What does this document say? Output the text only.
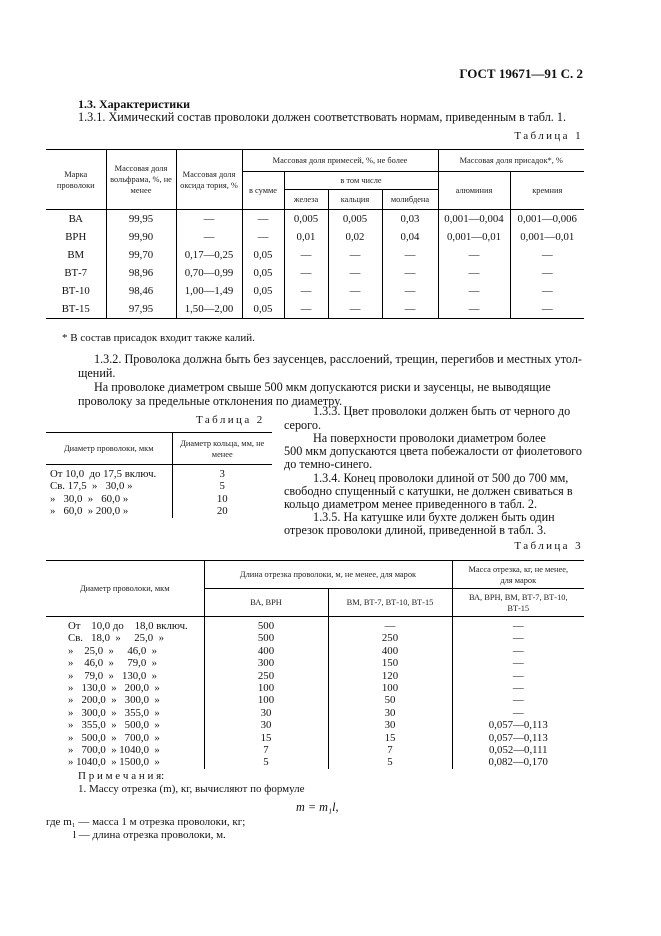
ГОСТ 19671—91 С. 2
1.3. Характеристики
1.3.1. Химический состав проволоки должен соответствовать нормам, приведенным в табл. 1.
Таблица 1
Марка проволоки	Массовая доля вольфрама, %, не менее	Массовая доля оксида тория, %	Массовая доля примесей, %, не более				Массовая доля присадок*, %	
			в сумме	в том числе			алюминия	кремния
				железа	кальция	молибдена		
ВА	99,95	—	—	0,005	0,005	0,03	0,001—0,004	0,001—0,006
ВРН	99,90	—	—	0,01	0,02	0,04	0,001—0,01	0,001—0,01
ВМ	99,70	0,17—0,25	0,05	—	—	—	—	—
ВТ-7	98,96	0,70—0,99	0,05	—	—	—	—	—
ВТ-10	98,46	1,00—1,49	0,05	—	—	—	—	—
ВТ-15	97,95	1,50—2,00	0,05	—	—	—	—	—
* В состав присадок входит также калий.
1.3.2. Проволока должна быть без заусенцев, расслоений, трещин, перегибов и местных утол-
щений.
На проволоке диаметром свыше 500 мкм допускаются риски и заусенцы, не выводящие
проволоку за предельные отклонения по диаметру.
Таблица 2
Диаметр проволоки, мкм	Диаметр кольца, мм, не менее
От 10,0  до 17,5 включ.	3
Св. 17,5  »   30,0 »	5
»   30,0  »   60,0 »	10
»   60,0  » 200,0 »	20
1.3.3. Цвет проволоки должен быть от черного до
серого.
На поверхности проволоки диаметром более
500 мкм допускаются цвета побежалости от фиолетового
до темно-синего.
1.3.4. Конец проволоки длиной от 500 до 700 мм,
свободно спущенный с катушки, не должен свиваться в
кольцо диаметром менее приведенного в табл. 2.
1.3.5. На катушке или бухте должен быть один
отрезок проволоки длиной, приведенной в табл. 3.
Таблица 3
Диаметр проволоки, мкм	Длина отрезка проволоки, м, не менее, для марок		Масса отрезка, кг, не менее, для марок
	ВА, ВРН	ВМ, ВТ-7, ВТ-10, ВТ-15	ВА, ВРН, ВМ, ВТ-7, ВТ-10, ВТ-15
От    10,0 до    18,0 включ.	500	—	—
Св.   18,0  »     25,0  »	500	250	—
»    25,0  »     46,0  »	400	400	—
»    46,0  »     79,0  »	300	150	—
»    79,0  »   130,0  »	250	120	—
»   130,0  »   200,0  »	100	100	—
»   200,0  »   300,0  »	100	50	—
»   300,0  »   355,0  »	30	30	—
»   355,0  »   500,0  »	30	30	0,057—0,113
»   500,0  »   700,0  »	15	15	0,057—0,113
»   700,0  » 1040,0  »	7	7	0,052—0,111
» 1040,0  » 1500,0  »	5	5	0,082—0,170
П р и м е ч а н и я:
1. Массу отрезка (m), кг, вычисляют по формуле
m = m₁l,
где m₁ — масса 1 м отрезка проволоки, кг;
l — длина отрезка проволоки, м.
